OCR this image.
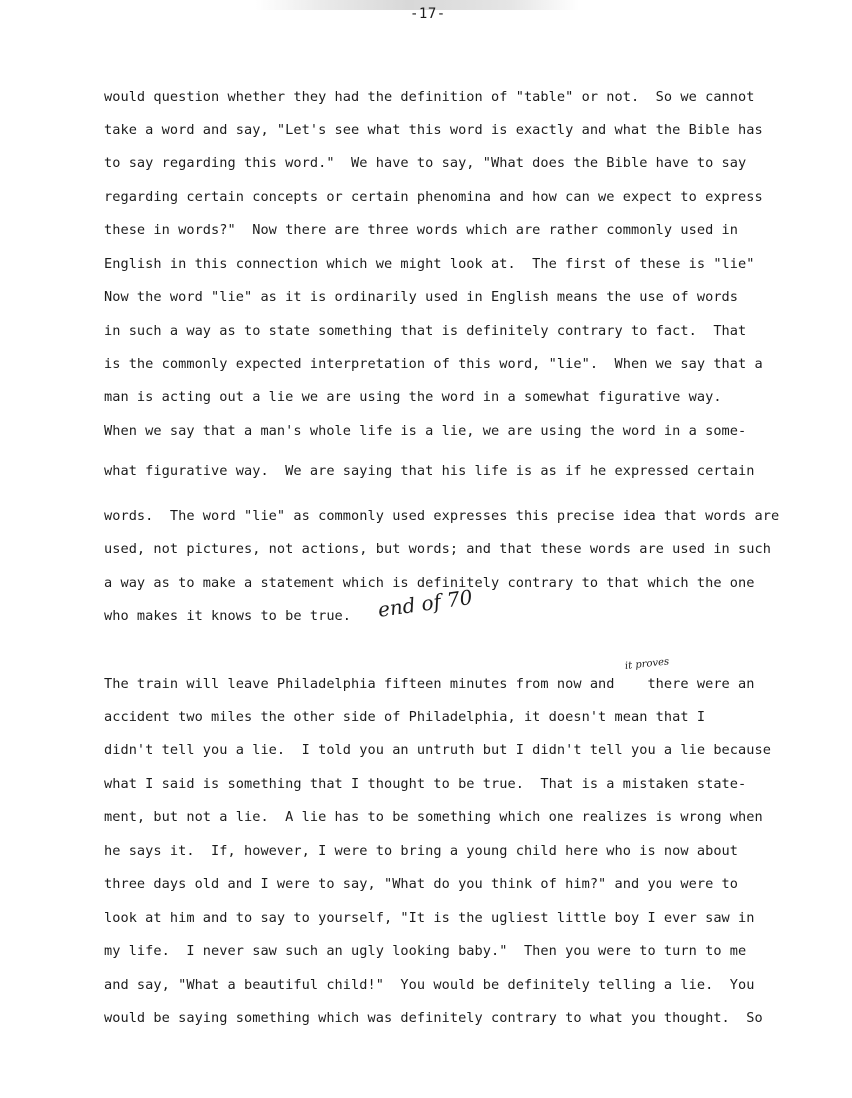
-17-
would question whether they had the definition of "table" or not.  So we cannot
take a word and say, "Let's see what this word is exactly and what the Bible has
to say regarding this word."  We have to say, "What does the Bible have to say
regarding certain concepts or certain phenomina and how can we expect to express
these in words?"  Now there are three words which are rather commonly used in
English in this connection which we might look at.  The first of these is "lie"
Now the word "lie" as it is ordinarily used in English means the use of words
in such a way as to state something that is definitely contrary to fact.  That
is the commonly expected interpretation of this word, "lie".  When we say that a
man is acting out a lie we are using the word in a somewhat figurative way.
When we say that a man's whole life is a lie, we are using the word in a some-
what figurative way.  We are saying that his life is as if he expressed certain
words.  The word "lie" as commonly used expresses this precise idea that words are
used, not pictures, not actions, but words; and that these words are used in such
a way as to make a statement which is definitely contrary to that which the one
who makes it knows to be true. end of 70
it proves
The train will leave Philadelphia fifteen minutes from now and    there were an
accident two miles the other side of Philadelphia, it doesn't mean that I
didn't tell you a lie.  I told you an untruth but I didn't tell you a lie because
what I said is something that I thought to be true.  That is a mistaken state-
ment, but not a lie.  A lie has to be something which one realizes is wrong when
he says it.  If, however, I were to bring a young child here who is now about
three days old and I were to say, "What do you think of him?" and you were to
look at him and to say to yourself, "It is the ugliest little boy I ever saw in
my life.  I never saw such an ugly looking baby."  Then you were to turn to me
and say, "What a beautiful child!"  You would be definitely telling a lie.  You
would be saying something which was definitely contrary to what you thought.  So
